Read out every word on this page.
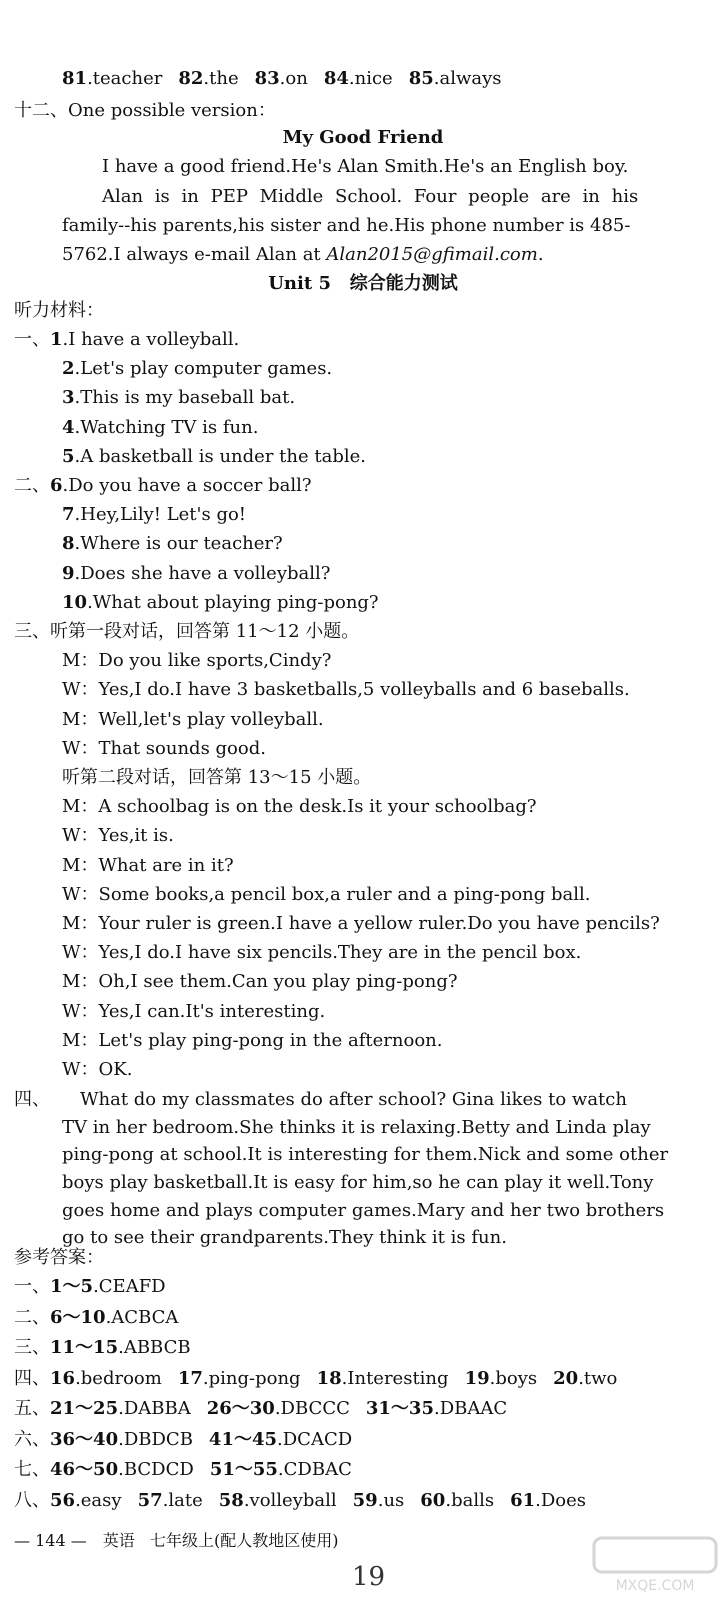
81.teacher 82.the 83.on 84.nice 85.always
十二、One possible version：
My Good Friend
I have a good friend.He's Alan Smith.He's an English boy.
Alan is in PEP Middle School. Four people are in his
family--his parents,his sister and he.His phone number is 485-
5762.I always e-mail Alan at Alan2015@gfimail.com.
Unit 5   综合能力测试
听力材料：
参考答案：
— 144 — 英语   七年级上(配人教地区使用)
19	MXQE.COM
一、1.I have a volleyball.
2.Let's play computer games.
3.This is my baseball bat.
4.Watching TV is fun.
5.A basketball is under the table.
二、6.Do you have a soccer ball?
7.Hey,Lily! Let's go!
8.Where is our teacher?
9.Does she have a volleyball?
10.What about playing ping-pong?
三、听第一段对话，回答第 11～12 小题。
M：Do you like sports,Cindy?
W：Yes,I do.I have 3 basketballs,5 volleyballs and 6 baseballs.
M：Well,let's play volleyball.
W：That sounds good.
听第二段对话，回答第 13～15 小题。
M：A schoolbag is on the desk.Is it your schoolbag?
W：Yes,it is.
M：What are in it?
W：Some books,a pencil box,a ruler and a ping-pong ball.
M：Your ruler is green.I have a yellow ruler.Do you have pencils?
W：Yes,I do.I have six pencils.They are in the pencil box.
M：Oh,I see them.Can you play ping-pong?
W：Yes,I can.It's interesting.
M：Let's play ping-pong in the afternoon.
W：OK.
四、 What do my classmates do after school? Gina likes to watch
TV in her bedroom.She thinks it is relaxing.Betty and Linda play
ping-pong at school.It is interesting for them.Nick and some other
boys play basketball.It is easy for him,so he can play it well.Tony
goes home and plays computer games.Mary and her two brothers
go to see their grandparents.They think it is fun.
一、1～5.CEAFD
二、6～10.ACBCA
三、11～15.ABBCB
四、16.bedroom 17.ping-pong 18.Interesting 19.boys 20.two
五、21～25.DABBA 26～30.DBCCC 31～35.DBAAC
六、36～40.DBDCB 41～45.DCACD
七、46～50.BCDCD 51～55.CDBAC
八、56.easy 57.late 58.volleyball 59.us 60.balls 61.Does
